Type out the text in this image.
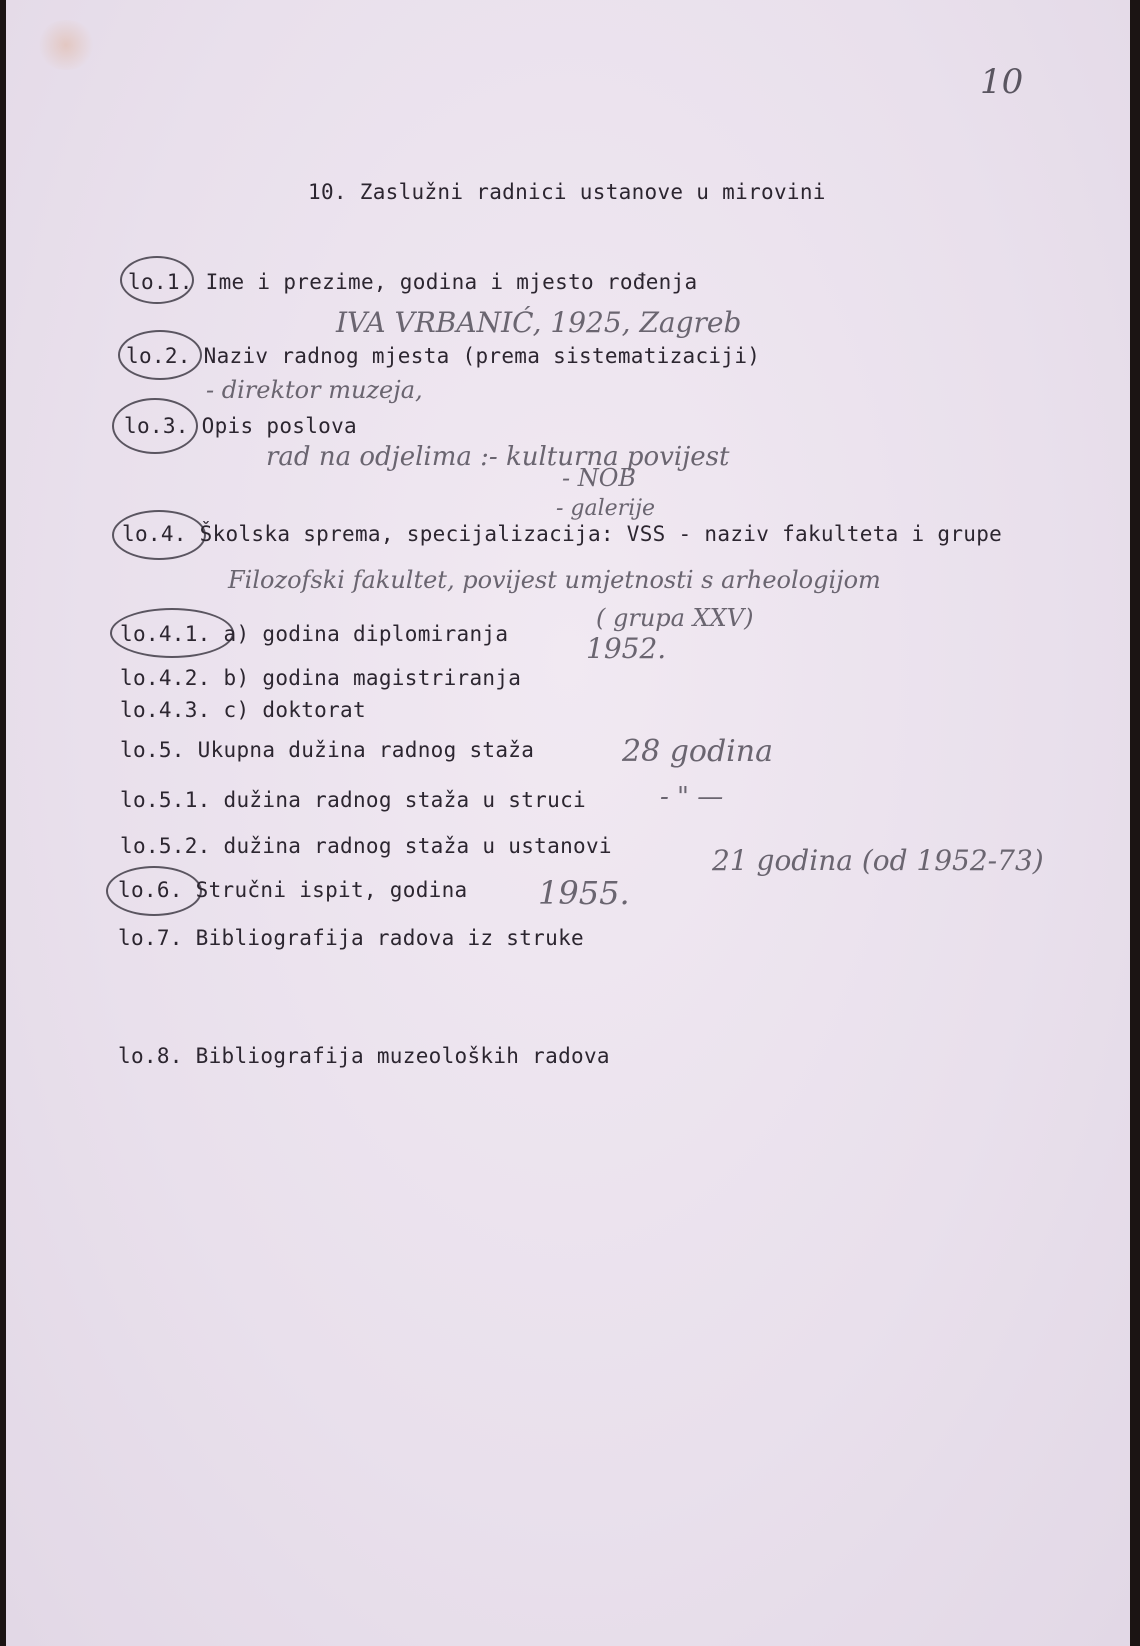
10
10. Zaslužni radnici ustanove u mirovini
lo.1. Ime i prezime, godina i mjesto rođenja
lo.2. Naziv radnog mjesta (prema sistematizaciji)
lo.3. Opis poslova
lo.4. Školska sprema, specijalizacija: VSS - naziv fakulteta i grupe
lo.4.1. a) godina diplomiranja
lo.4.2. b) godina magistriranja
lo.4.3. c) doktorat
lo.5. Ukupna dužina radnog staža
lo.5.1. dužina radnog staža u struci
lo.5.2. dužina radnog staža u ustanovi
lo.6. Stručni ispit, godina
lo.7. Bibliografija radova iz struke
lo.8. Bibliografija muzeoloških radova
IVA VRBANIĆ, 1925, Zagreb
- direktor muzeja,
rad na odjelima :- kulturna povijest
- NOB
- galerije
Filozofski fakultet, povijest umjetnosti s arheologijom
( grupa XXV)
1952.
28 godina
- " —
21 godina (od 1952-73)
1955.
